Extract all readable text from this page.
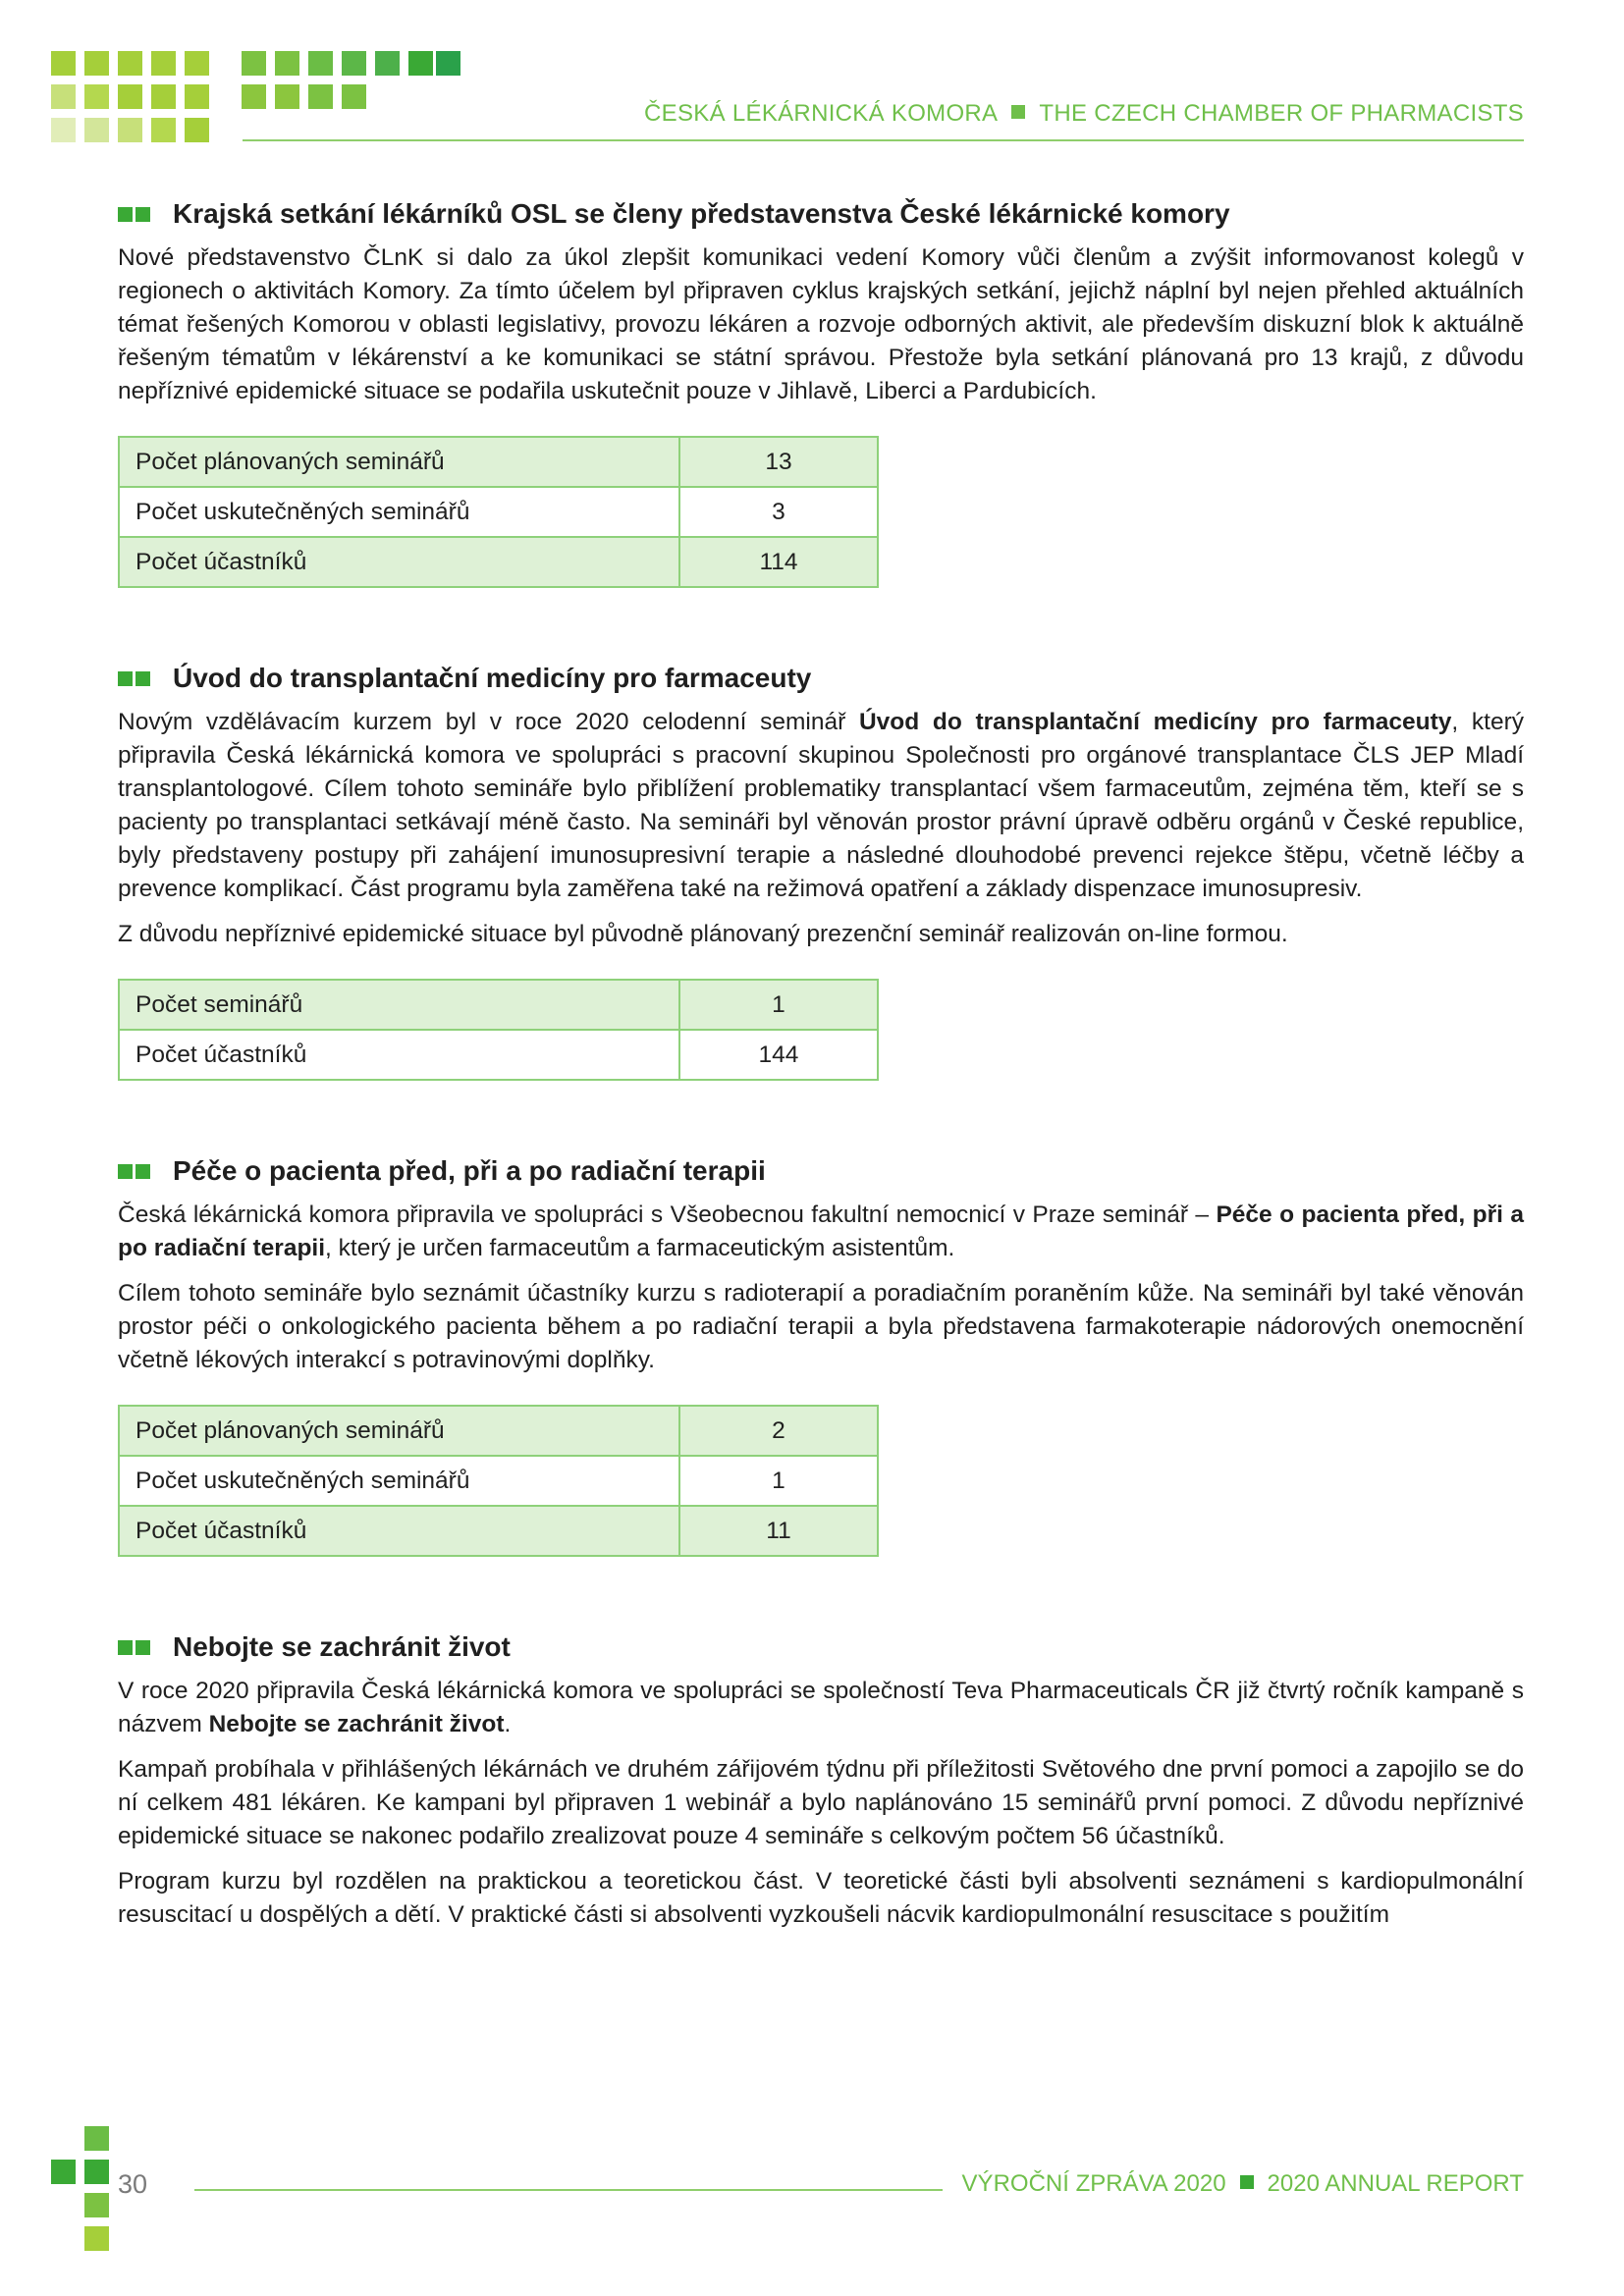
ČESKÁ LÉKÁRNICKÁ KOMORA THE CZECH CHAMBER OF PHARMACISTS
Krajská setkání lékárníků OSL se členy představenstva České lékárnické komory

Nové představenstvo ČLnK si dalo za úkol zlepšit komunikaci vedení Komory vůči členům a zvýšit informovanost kolegů v regionech o aktivitách Komory. Za tímto účelem byl připraven cyklus krajských setkání, jejichž náplní byl nejen přehled aktuálních témat řešených Komorou v oblasti legislativy, provozu lékáren a rozvoje odborných aktivit, ale především diskuzní blok k aktuálně řešeným tématům v lékárenství a ke komunikaci se státní správou. Přestože byla setkání plánovaná pro 13 krajů, z důvodu nepříznivé epidemické situace se podařila uskutečnit pouze v Jihlavě, Liberci a Pardubicích.

Počet plánovaných seminářů	13
Počet uskutečněných seminářů	3
Počet účastníků	114
Úvod do transplantační medicíny pro farmaceuty

Novým vzdělávacím kurzem byl v roce 2020 celodenní seminář Úvod do transplantační medicíny pro farmaceuty, který připravila Česká lékárnická komora ve spolupráci s pracovní skupinou Společnosti pro orgánové transplantace ČLS JEP Mladí transplantologové. Cílem tohoto semináře bylo přiblížení problematiky transplantací všem farmaceutům, zejména těm, kteří se s pacienty po transplantaci setkávají méně často. Na semináři byl věnován prostor právní úpravě odběru orgánů v České republice, byly představeny postupy při zahájení imunosupresivní terapie a následné dlouhodobé prevenci rejekce štěpu, včetně léčby a prevence komplikací. Část programu byla zaměřena také na režimová opatření a základy dispenzace imunosupresiv.

Z důvodu nepříznivé epidemické situace byl původně plánovaný prezenční seminář realizován on-line formou.

Počet seminářů	1
Počet účastníků	144
Péče o pacienta před, při a po radiační terapii

Česká lékárnická komora připravila ve spolupráci s Všeobecnou fakultní nemocnicí v Praze seminář – Péče o pacienta před, při a po radiační terapii, který je určen farmaceutům a farmaceutickým asistentům.

Cílem tohoto semináře bylo seznámit účastníky kurzu s radioterapií a poradiačním poraněním kůže. Na semináři byl také věnován prostor péči o onkologického pacienta během a po radiační terapii a byla představena farmakoterapie nádorových onemocnění včetně lékových interakcí s potravinovými doplňky.

Počet plánovaných seminářů	2
Počet uskutečněných seminářů	1
Počet účastníků	11
Nebojte se zachránit život

V roce 2020 připravila Česká lékárnická komora ve spolupráci se společností Teva Pharmaceuticals ČR již čtvrtý ročník kampaně s názvem Nebojte se zachránit život.

Kampaň probíhala v přihlášených lékárnách ve druhém zářijovém týdnu při příležitosti Světového dne první pomoci a zapojilo se do ní celkem 481 lékáren. Ke kampani byl připraven 1 webinář a bylo naplánováno 15 seminářů první pomoci. Z důvodu nepříznivé epidemické situace se nakonec podařilo zrealizovat pouze 4 semináře s celkovým počtem 56 účastníků.

Program kurzu byl rozdělen na praktickou a teoretickou část. V teoretické části byli absolventi seznámeni s kardiopulmonální resuscitací u dospělých a dětí. V praktické části si absolventi vyzkoušeli nácvik kardiopulmonální resuscitace s použitím

30	VÝROČNÍ ZPRÁVA 2020 2020 ANNUAL REPORT
